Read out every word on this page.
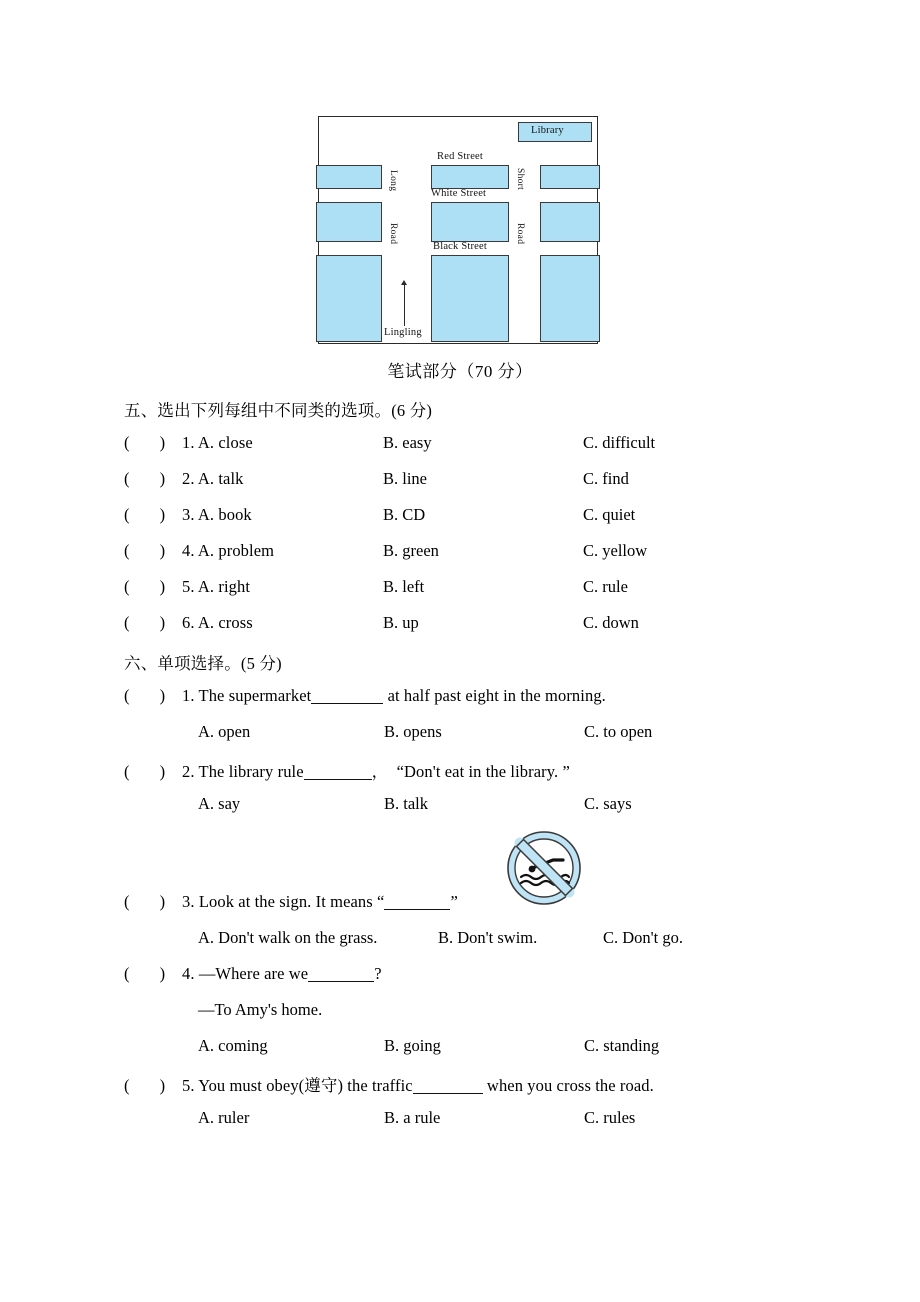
Library
Red Street
White Street
Black Street
Long
Road
Short
Road
Lingling
笔试部分（70 分）
五、选出下列每组中不同类的选项。(6 分)
( ) 1. A. close	B. easy	C. difficult
( ) 2. A. talk	B. line	C. find
( ) 3. A. book	B. CD	C. quiet
( ) 4. A. problem	B. green	C. yellow
( ) 5. A. right	B. left	C. rule
( ) 6. A. cross	B. up	C. down
六、单项选择。(5 分)
( ) 1. The supermarket	at half past eight in the morning.
A. open	B. opens	C. to open
( ) 2. The library rule	，　“Don't eat in the library. ”
A. say	B. talk	C. says
( ) 3. Look at the sign. It means “	”
A. Don't walk on the grass.	B. Don't swim.	C. Don't go.
( ) 4. —Where are we	?
—To Amy's home.
A. coming	B. going	C. standing
( ) 5. You must obey(遵守) the traffic	when you cross the road.
A. ruler	B. a rule	C. rules
